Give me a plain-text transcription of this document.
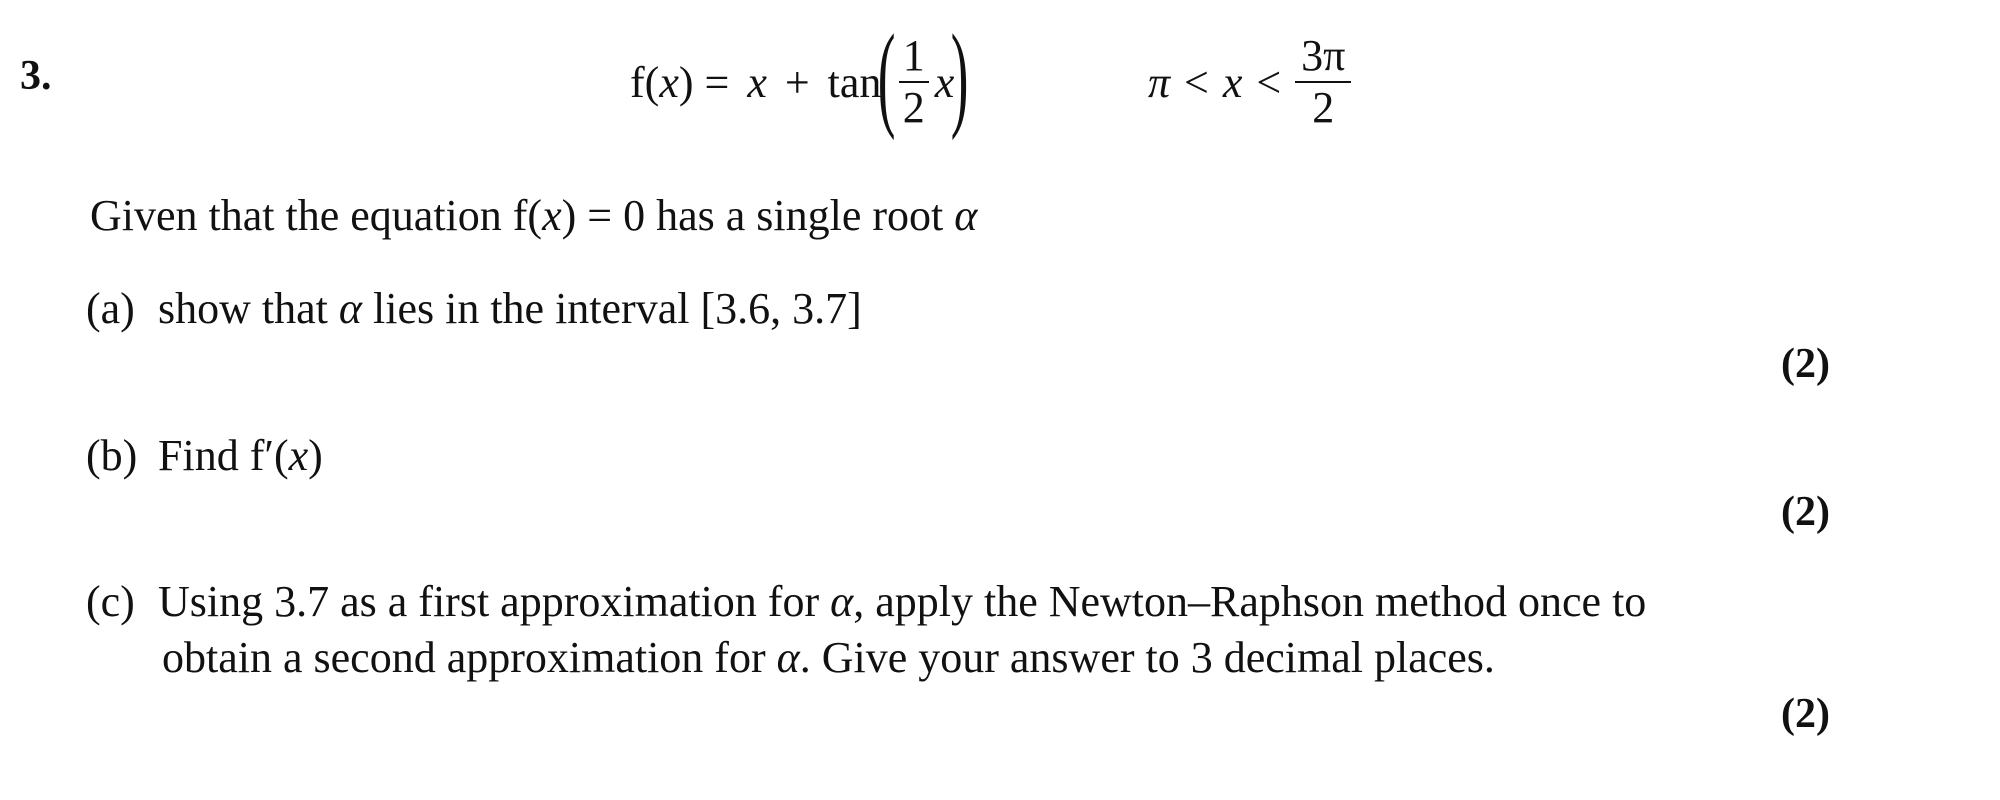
3.	f( x ) = x + tan
( $\frac{1}{2}$ x
)	$\pi < x < \frac{3\pi}{2}$
Given that the equation f(x) = 0 has a single root α
(a) show that α lies in the interval [3.6, 3.7]
(2)
(b) Find f′(x)
(2)
(c) Using 3.7 as a first approximation for α, apply the Newton–Raphson method once to
obtain a second approximation for α. Give your answer to 3 decimal places.
(2)
